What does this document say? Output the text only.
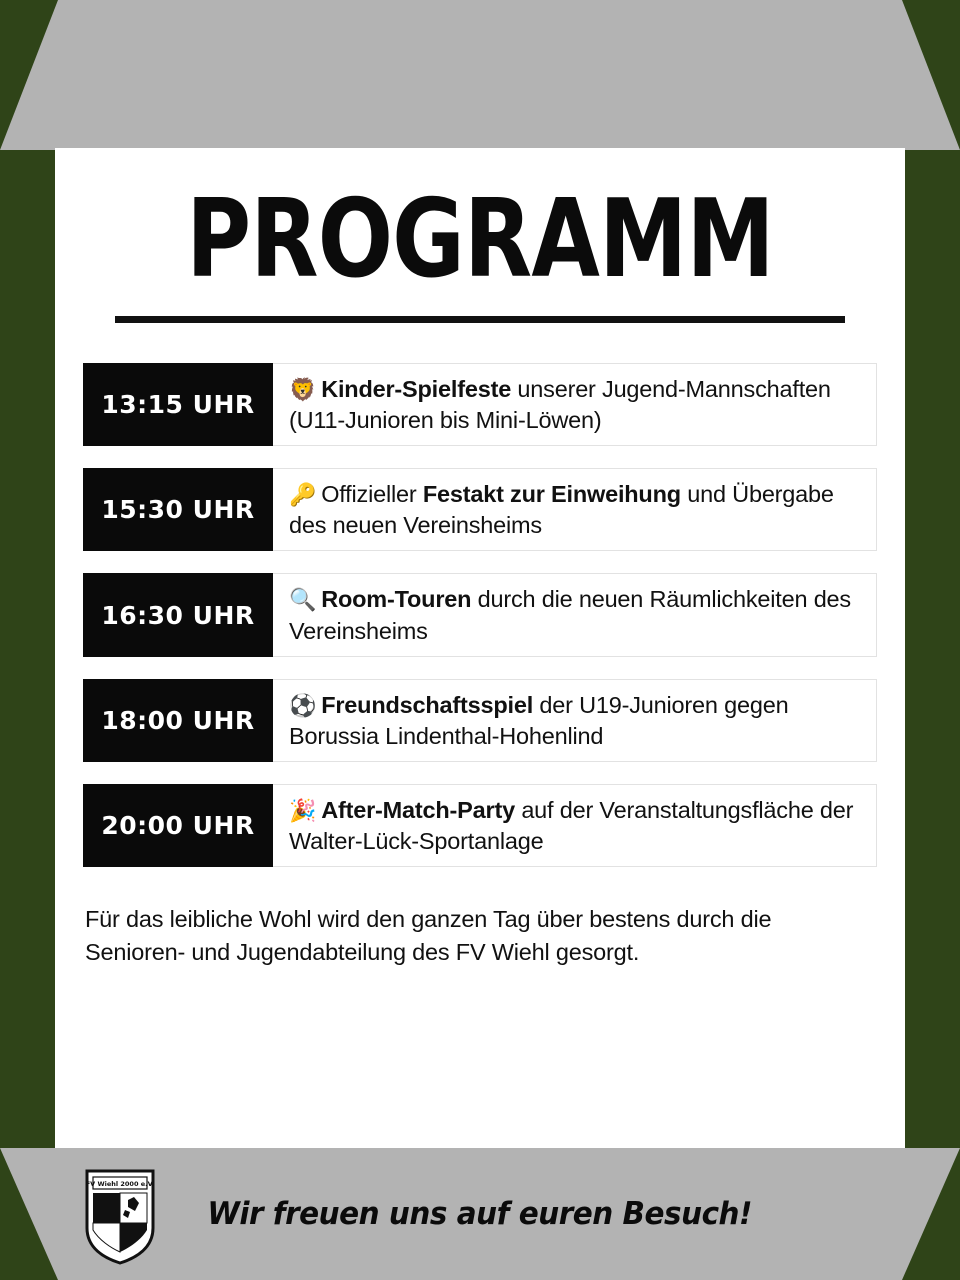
PROGRAMM
13:15 UHR	🦁 Kinder-Spielfeste unserer Jugend-Mannschaften (U11-Junioren bis Mini-Löwen)
15:30 UHR	🔑 Offizieller Festakt zur Einweihung und Übergabe des neuen Vereinsheims
16:30 UHR	🔍 Room-Touren durch die neuen Räumlichkeiten des Vereinsheims
18:00 UHR	⚽ Freundschaftsspiel der U19-Junioren gegen Borussia Lindenthal-Hohenlind
20:00 UHR	🎉 After-Match-Party auf der Veranstaltungsfläche der Walter-Lück-Sportanlage
Für das leibliche Wohl wird den ganzen Tag über bestens durch die Senioren- und Jugendabteilung des FV Wiehl gesorgt.
FV Wiehl 2000 e.V.
Wir freuen uns auf euren Besuch!
